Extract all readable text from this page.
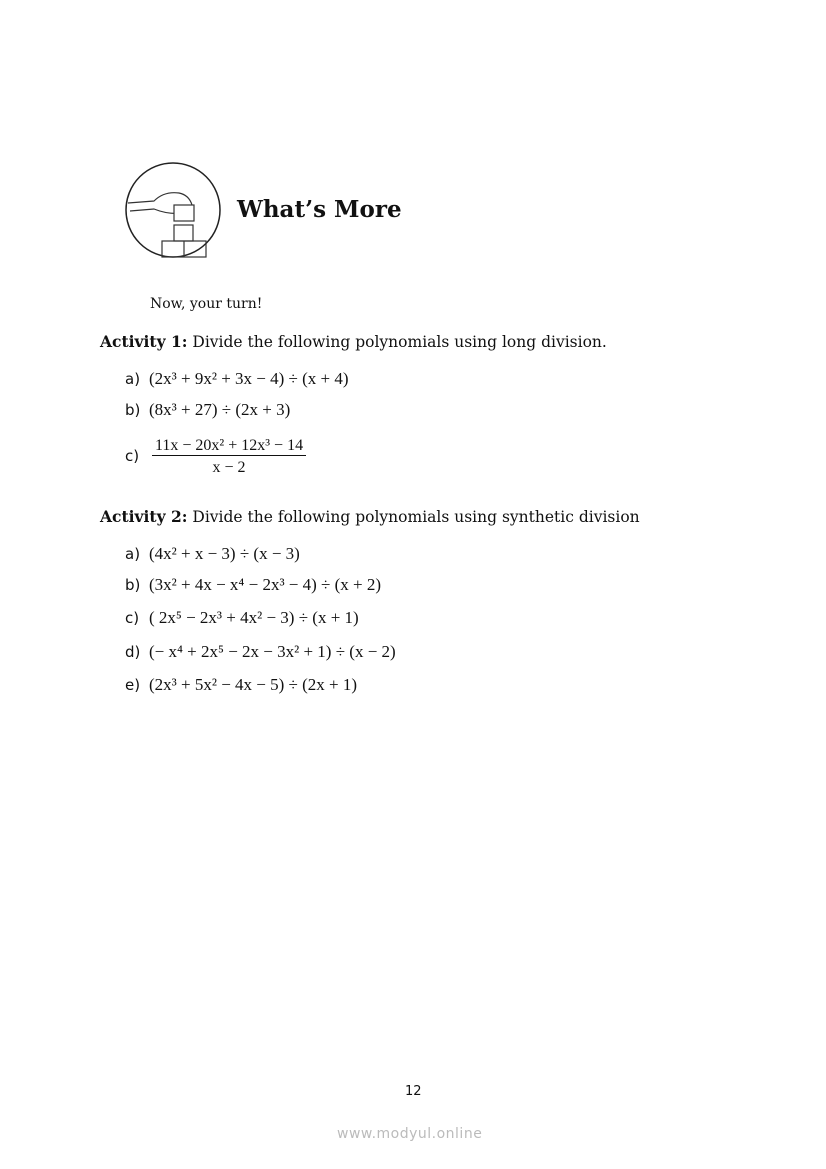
What’s More
Now, your turn!
Activity 1: Divide the following polynomials using long division.
a) (2x³ + 9x² + 3x − 4) ÷ (x + 4)
b) (8x³ + 27) ÷ (2x + 3)
$c) \frac{\text{11x − 20x² + 12x³ − 14}}{x - 2}$
Activity 2: Divide the following polynomials using synthetic division
a) (4x² + x − 3) ÷ (x − 3)
b) (3x² + 4x − x⁴ − 2x³ − 4) ÷ (x + 2)
c) ( 2x⁵ − 2x³ + 4x² − 3) ÷ (x + 1)
d) (− x⁴ + 2x⁵ − 2x − 3x² + 1) ÷ (x − 2)
e) (2x³ + 5x² − 4x − 5) ÷ (2x + 1)
12
www.modyul.online
